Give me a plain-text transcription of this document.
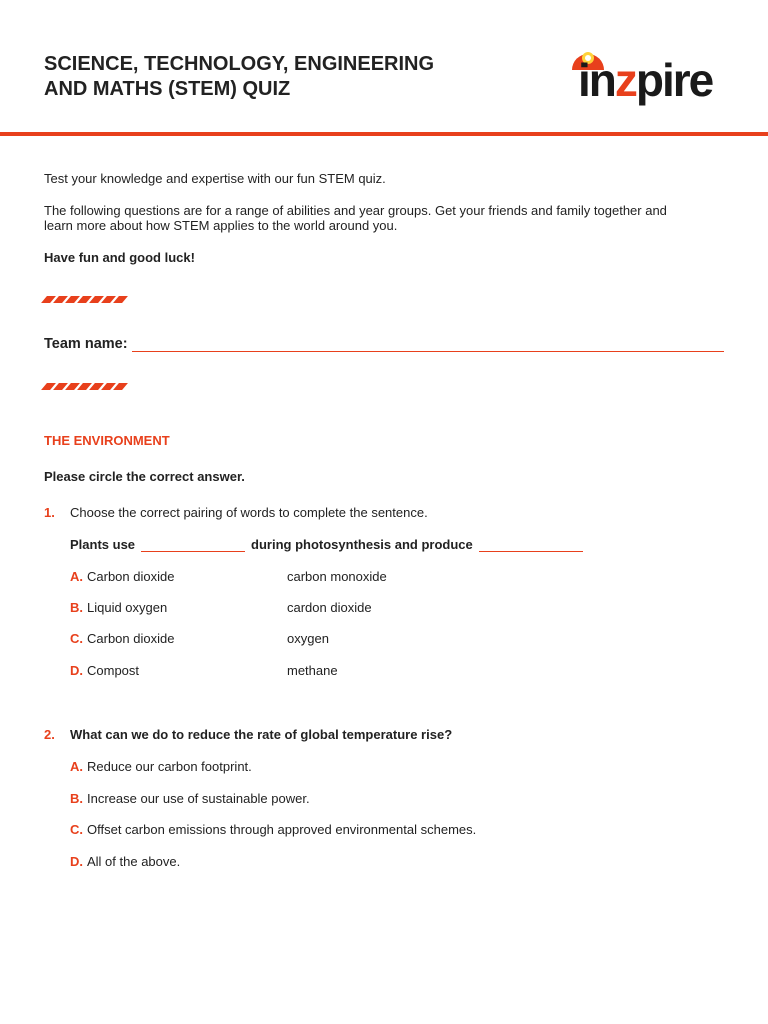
SCIENCE, TECHNOLOGY, ENGINEERING
AND MATHS (STEM) QUIZ	inzpire
Test your knowledge and expertise with our fun STEM quiz.
The following questions are for a range of abilities and year groups. Get your friends and family together and
learn more about how STEM applies to the world around you.
Have fun and good luck!
Team name:
THE ENVIRONMENT
Please circle the correct answer.
1. Choose the correct pairing of words to complete the sentence.
Plants use	during photosynthesis and produce
A. Carbon dioxide	carbon monoxide
B. Liquid oxygen	cardon dioxide
C. Carbon dioxide	oxygen
D. Compost	methane
2. What can we do to reduce the rate of global temperature rise?
A. Reduce our carbon footprint.
B. Increase our use of sustainable power.
C. Offset carbon emissions through approved environmental schemes.
D. All of the above.
